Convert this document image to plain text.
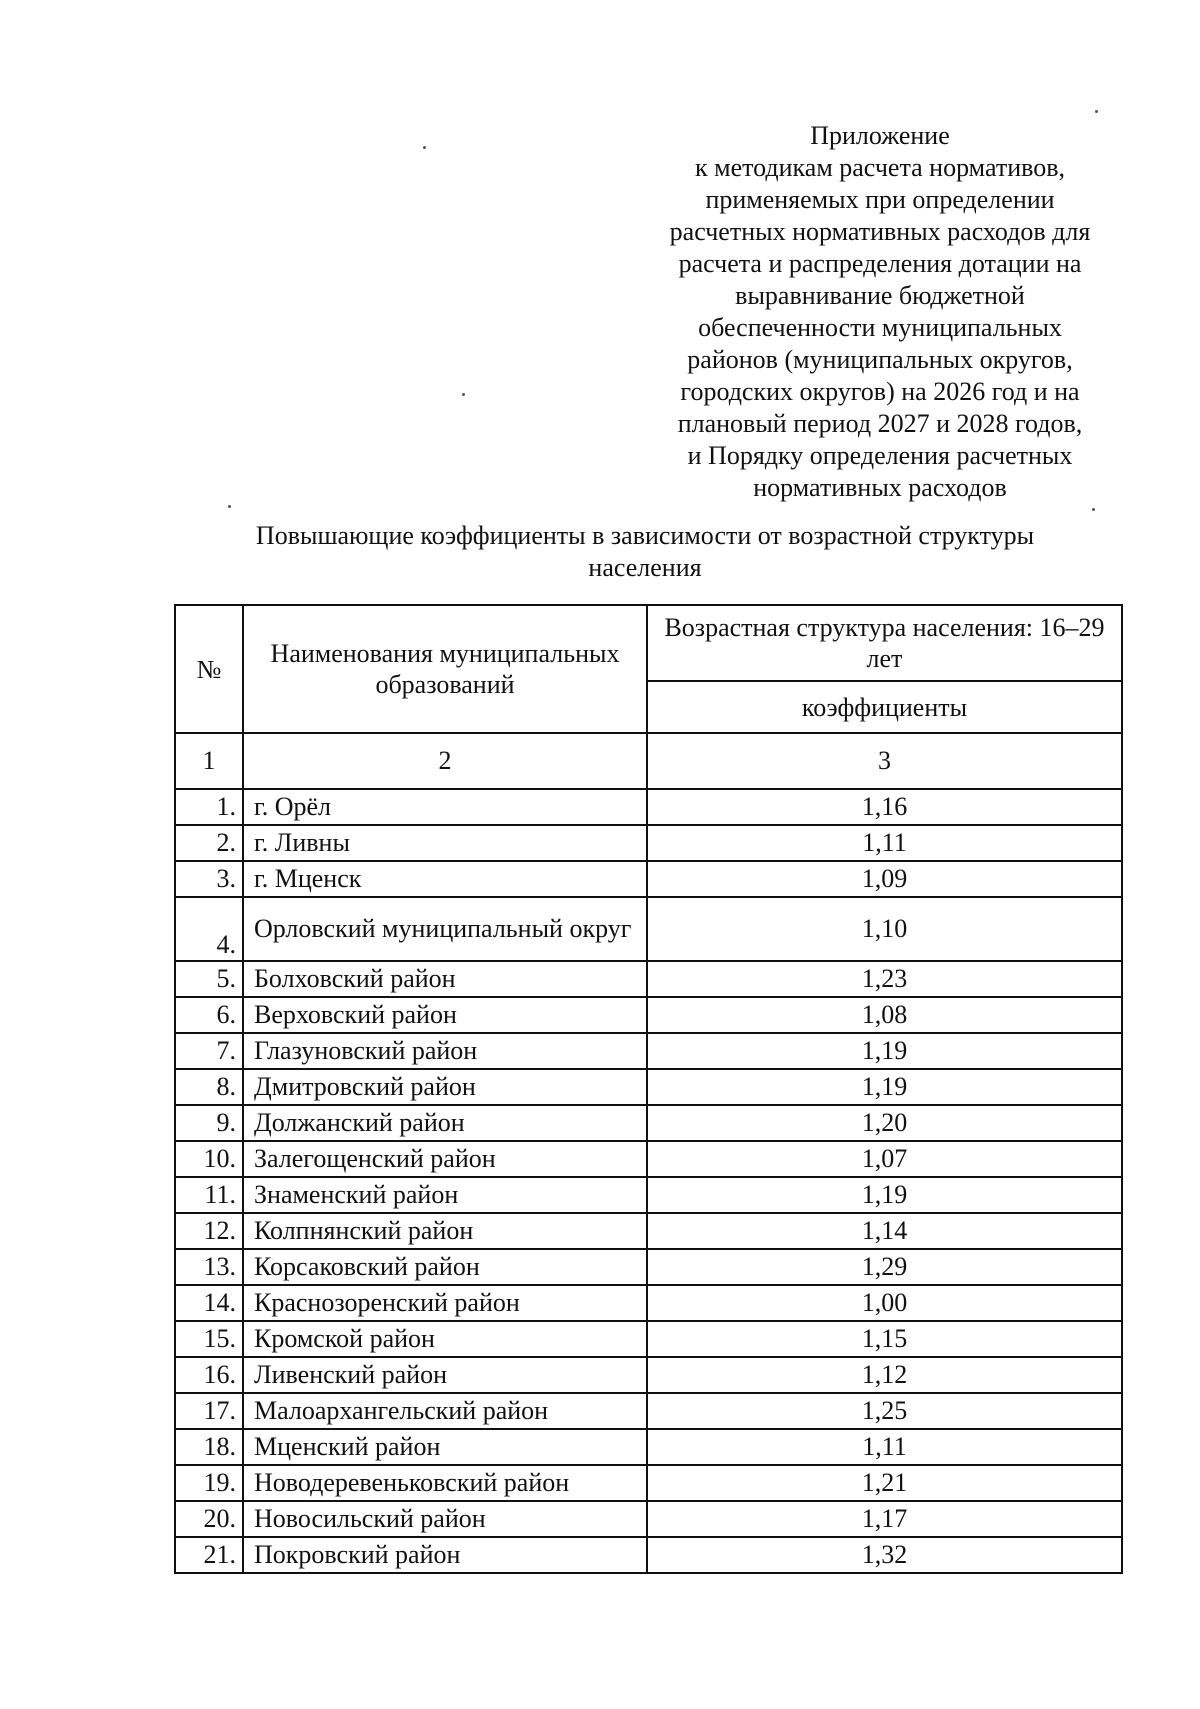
Приложение
к методикам расчета нормативов,
применяемых при определении
расчетных нормативных расходов для
расчета и распределения дотации на
выравнивание бюджетной
обеспеченности муниципальных
районов (муниципальных округов,
городских округов) на 2026 год и на
плановый период 2027 и 2028 годов,
и Порядку определения расчетных
нормативных расходов
Повышающие коэффициенты в зависимости от возрастной структуры
населения
№	Наименования муниципальных образований	Возрастная структура населения: 16–29 лет
		коэффициенты
1	2	3
1.	г. Орёл	1,16
2.	г. Ливны	1,11
3.	г. Мценск	1,09
4.	Орловский муниципальный округ	1,10
5.	Болховский район	1,23
6.	Верховский район	1,08
7.	Глазуновский район	1,19
8.	Дмитровский район	1,19
9.	Должанский район	1,20
10.	Залегощенский район	1,07
11.	Знаменский район	1,19
12.	Колпнянский район	1,14
13.	Корсаковский район	1,29
14.	Краснозоренский район	1,00
15.	Кромской район	1,15
16.	Ливенский район	1,12
17.	Малоархангельский район	1,25
18.	Мценский район	1,11
19.	Новодеревеньковский район	1,21
20.	Новосильский район	1,17
21.	Покровский район	1,32
